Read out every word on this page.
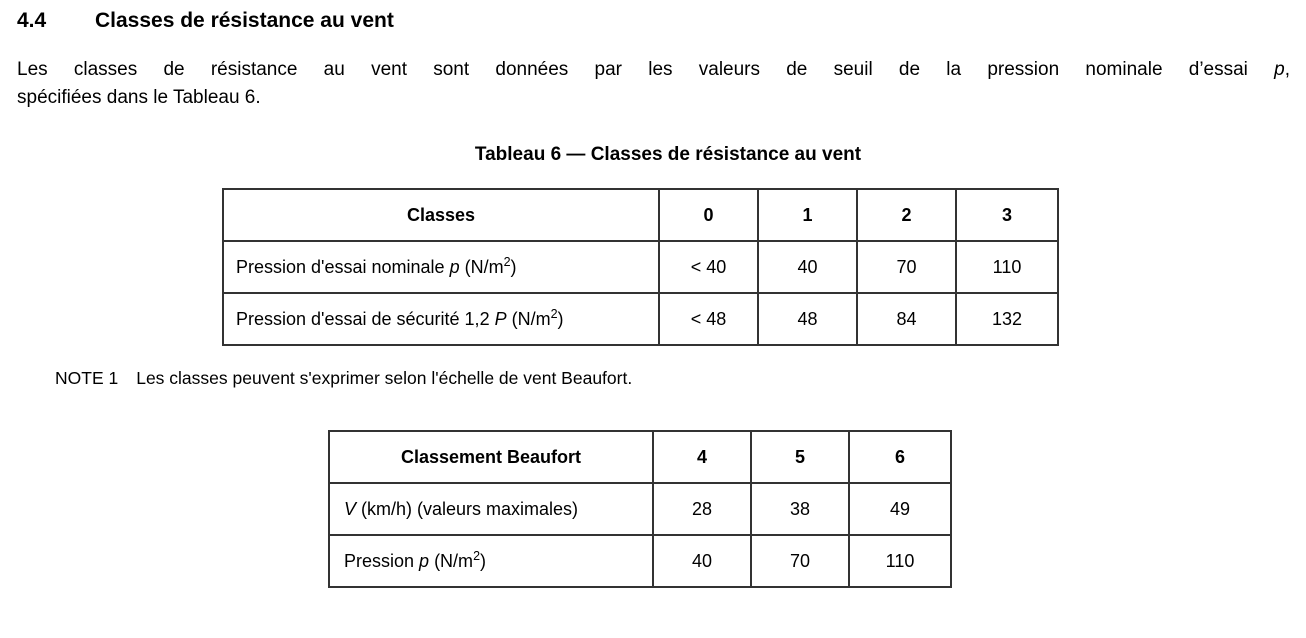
4.4 Classes de résistance au vent
Les classes de résistance au vent sont données par les valeurs de seuil de la pression nominale d’essai p,
spécifiées dans le Tableau 6.
Tableau 6 — Classes de résistance au vent
Classes	0	1	2	3
Pression d'essai nominale p $(N/m^2)$	< 40	40	70	110
Pression d'essai de sécurité 1,2 P $(N/m^2)$	< 48	48	84	132
NOTE 1 Les classes peuvent s'exprimer selon l'échelle de vent Beaufort.
Classement Beaufort	4	5	6
V (km/h) (valeurs maximales)	28	38	49
Pression p $(N/m^2)$	40	70	110
